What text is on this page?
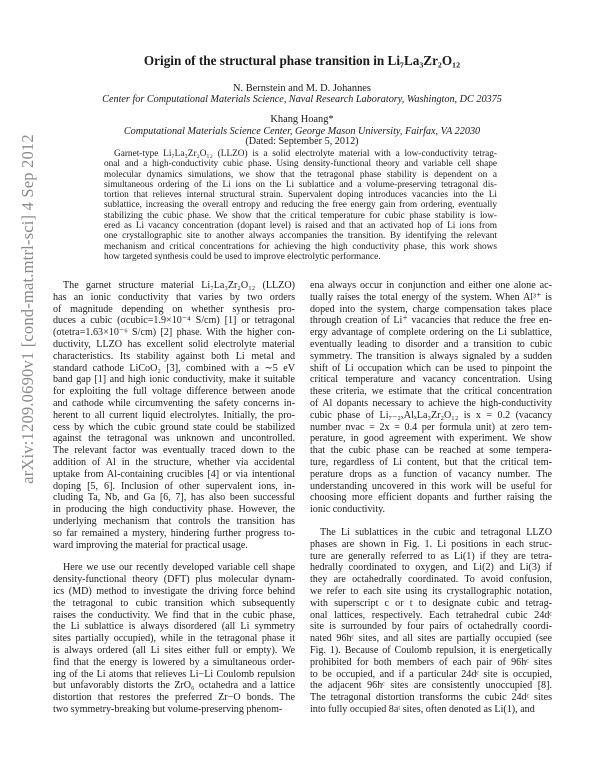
Origin of the structural phase transition in Li₇La₃Zr₂O₁₂
N. Bernstein and M. D. Johannes
Center for Computational Materials Science, Naval Research Laboratory, Washington, DC 20375
Khang Hoang*
Computational Materials Science Center, George Mason University, Fairfax, VA 22030
(Dated: September 5, 2012)
Garnet-type Li₇La₃Zr₂O₁₂ (LLZO) is a solid electrolyte material with a low-conductivity tetrag-
onal and a high-conductivity cubic phase. Using density-functional theory and variable cell shape
molecular dynamics simulations, we show that the tetragonal phase stability is dependent on a
simultaneous ordering of the Li ions on the Li sublattice and a volume-preserving tetragonal dis-
tortion that relieves internal structural strain. Supervalent doping introduces vacancies into the Li
sublattice, increasing the overall entropy and reducing the free energy gain from ordering, eventually
stabilizing the cubic phase. We show that the critical temperature for cubic phase stability is low-
ered as Li vacancy concentration (dopant level) is raised and that an activated hop of Li ions from
one crystallographic site to another always accompanies the transition. By identifying the relevant
mechanism and critical concentrations for achieving the high conductivity phase, this work shows
how targeted synthesis could be used to improve electrolytic performance.
The garnet structure material Li₇La₃Zr₂O₁₂ (LLZO)
has an ionic conductivity that varies by two orders
of magnitude depending on whether synthesis pro-
duces a cubic (σcubic=1.9×10⁻⁴ S/cm) [1] or tetragonal
(σtetra=1.63×10⁻⁶ S/cm) [2] phase. With the higher con-
ductivity, LLZO has excellent solid electrolyte material
characteristics. Its stability against both Li metal and
standard cathode LiCoO₂ [3], combined with a ∼5 eV
band gap [1] and high ionic conductivity, make it suitable
for exploiting the full voltage difference between anode
and cathode while circumventing the safety concerns in-
herent to all current liquid electrolytes. Initially, the pro-
cess by which the cubic ground state could be stabilized
against the tetragonal was unknown and uncontrolled.
The relevant factor was eventually traced down to the
addition of Al in the structure, whether via accidental
uptake from Al-containing crucibles [4] or via intentional
doping [5, 6]. Inclusion of other supervalent ions, in-
cluding Ta, Nb, and Ga [6, 7], has also been successful
in producing the high conductivity phase. However, the
underlying mechanism that controls the transition has
so far remained a mystery, hindering further progress to-
ward improving the material for practical usage.
Here we use our recently developed variable cell shape
density-functional theory (DFT) plus molecular dynam-
ics (MD) method to investigate the driving force behind
the tetragonal to cubic transition which subsequently
raises the conductivity. We find that in the cubic phase,
the Li sublattice is always disordered (all Li symmetry
sites partially occupied), while in the tetragonal phase it
is always ordered (all Li sites either full or empty). We
find that the energy is lowered by a simultaneous order-
ing of the Li atoms that relieves Li−Li Coulomb repulsion
but unfavorably distorts the ZrO₆ octahedra and a lattice
distortion that restores the preferred Zr−O bonds. The
two symmetry-breaking but volume-preserving phenom-
ena always occur in conjunction and either one alone ac-
tually raises the total energy of the system. When Al³⁺ is
doped into the system, charge compensation takes place
through creation of Li⁺ vacancies that reduce the free en-
ergy advantage of complete ordering on the Li sublattice,
eventually leading to disorder and a transition to cubic
symmetry. The transition is always signaled by a sudden
shift of Li occupation which can be used to pinpoint the
critical temperature and vacancy concentration. Using
these criteria, we estimate that the critical concentration
of Al dopants necessary to achieve the high-conductivity
cubic phase of Li₇₋₂ₓAlₓLa₃Zr₂O₁₂ is x = 0.2 (vacancy
number nvac = 2x = 0.4 per formula unit) at zero tem-
perature, in good agreement with experiment. We show
that the cubic phase can be reached at some tempera-
ture, regardless of Li content, but that the critical tem-
perature drops as a function of vacancy number. The
understanding uncovered in this work will be useful for
choosing more efficient dopants and further raising the
ionic conductivity.
The Li sublattices in the cubic and tetragonal LLZO
phases are shown in Fig. 1. Li positions in each struc-
ture are generally referred to as Li(1) if they are tetra-
hedrally coordinated to oxygen, and Li(2) and Li(3) if
they are octahedrally coordinated. To avoid confusion,
we refer to each site using its crystallographic notation,
with superscript c or t to designate cubic and tetrag-
onal lattices, respectively. Each tetrahedral cubic 24dᶜ
site is surrounded by four pairs of octahedrally coordi-
nated 96hᶜ sites, and all sites are partially occupied (see
Fig. 1). Because of Coulomb repulsion, it is energetically
prohibited for both members of each pair of 96hᶜ sites
to be occupied, and if a particular 24dᶜ site is occupied,
the adjacent 96hᶜ sites are consistently unoccupied [8].
The tetragonal distortion transforms the cubic 24dᶜ sites
into fully occupied 8aᵗ sites, often denoted as Li(1), and
arXiv:1209.0690v1 [cond-mat.mtrl-sci] 4 Sep 2012
